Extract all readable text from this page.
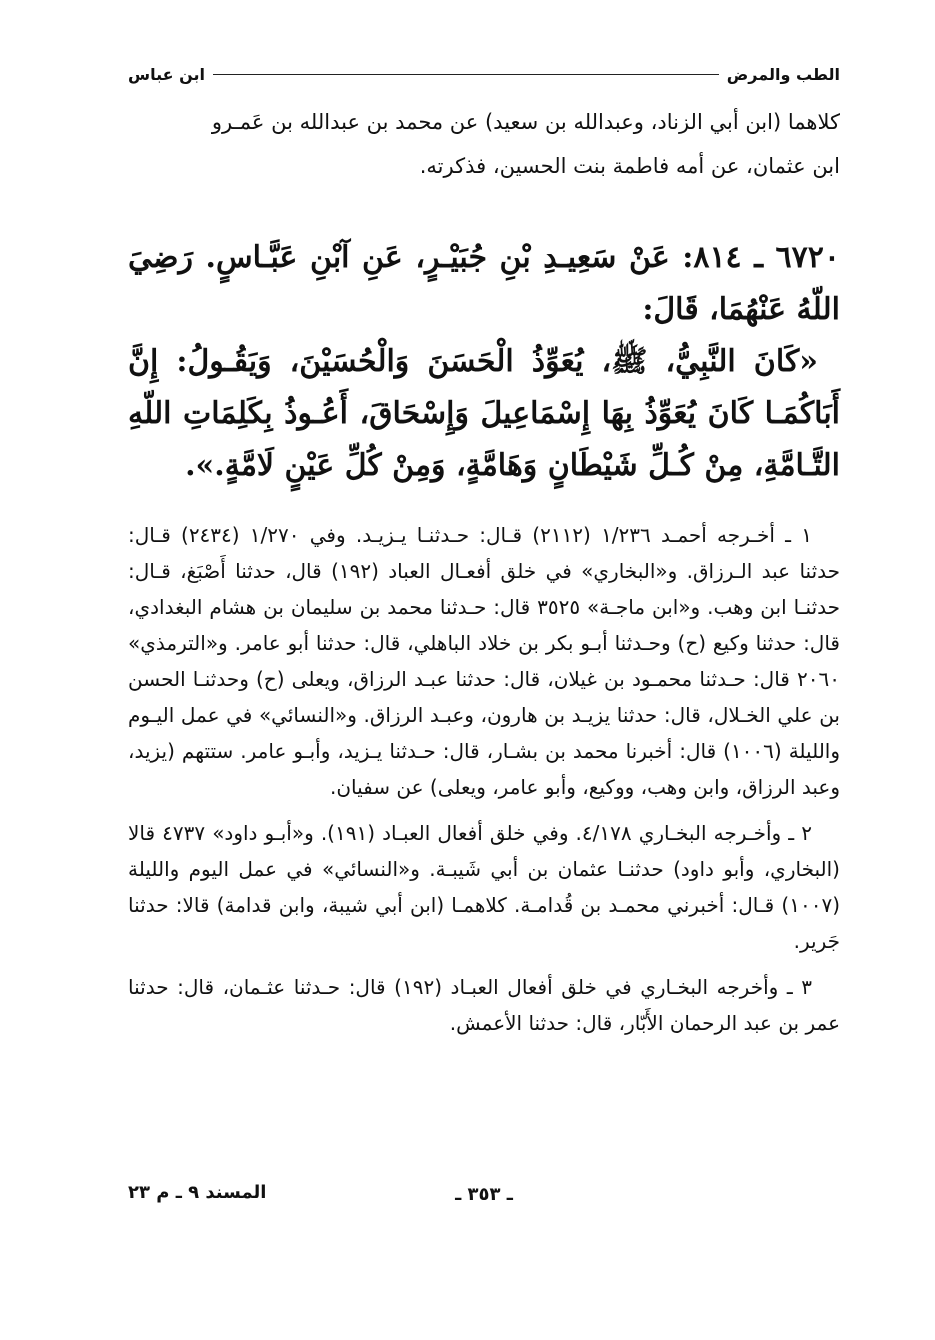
الطب والمرض
ابن عباس

كلاهما (ابن أبي الزناد، وعبدالله بن سعيد) عن محمد بن عبدالله بن عَمـرو

ابن عثمان، عن أمه فاطمة بنت الحسين، فذكرته.

٦٧٢٠ ـ ٨١٤: عَنْ سَعِيـدِ بْنِ جُبَيْـرٍ، عَنِ آبْنِ عَبَّـاسٍ. رَضِيَ اللّهُ عَنْهُمَا، قَالَ:

«كَانَ النَّبِيُّ، ﷺ، يُعَوِّذُ الْحَسَنَ وَالْحُسَيْنَ، وَيَقُـولُ: إِنَّ أَبَاكُمَـا كَانَ يُعَوِّذُ بِهَا إِسْمَاعِيلَ وَإِسْحَاقَ، أَعُـوذُ بِكَلِمَاتِ اللّهِ التَّـامَّةِ، مِنْ كُـلِّ شَيْطَانٍ وَهَامَّةٍ، وَمِنْ كُلِّ عَيْنٍ لَامَّةٍ.».

١ ـ أخـرجه أحمـد ١/٢٣٦ (٢١١٢) قـال: حـدثنـا يـزيـد. وفي ١/٢٧٠ (٢٤٣٤) قـال: حدثنا عبد الـرزاق. و«البخاري» في خلق أفعـال العباد (١٩٢) قال، حدثنا أَصْبَغ، قـال: حدثنـا ابن وهب. و«ابن ماجـة» ٣٥٢٥ قال: حـدثنا محمد بن سليمان بن هشام البغدادي، قال: حدثنا وكيع (ح) وحـدثنا أبـو بكر بن خلاد الباهلي، قال: حدثنا أبو عامر. و«الترمذي» ٢٠٦٠ قال: حـدثنا محمـود بن غيلان، قال: حدثنا عبـد الرزاق، ويعلى (ح) وحدثنـا الحسن بن علي الخـلال، قال: حدثنا يزيـد بن هارون، وعبـد الرزاق. و«النسائي» في عمل اليـوم والليلة (١٠٠٦) قال: أخبرنا محمد بن بشـار، قال: حـدثنا يـزيد، وأبـو عامر. ستتهم (يزيد، وعبد الرزاق، وابن وهب، ووكيع، وأبو عامر، ويعلى) عن سفيان.

٢ ـ وأخـرجه البخـاري ٤/١٧٨. وفي خلق أفعال العبـاد (١٩١). و«أبـو داود» ٤٧٣٧ قالا (البخاري، وأبو داود) حدثنـا عثمان بن أبي شَيبـة. و«النسائي» في عمل اليوم والليلة (١٠٠٧) قـال: أخبرني محمـد بن قُدامـة. كلاهمـا (ابن أبي شيبة، وابن قدامة) قالا: حدثنا جَرير.

٣ ـ وأخرجه البخـاري في خلق أفعال العبـاد (١٩٢) قال: حـدثنا عثـمان، قال: حدثنا عمر بن عبد الرحمان الأَبّار، قال: حدثنا الأعمش.

ـ ٣٥٣ ـ
المسند ٩ ـ م ٢٣
